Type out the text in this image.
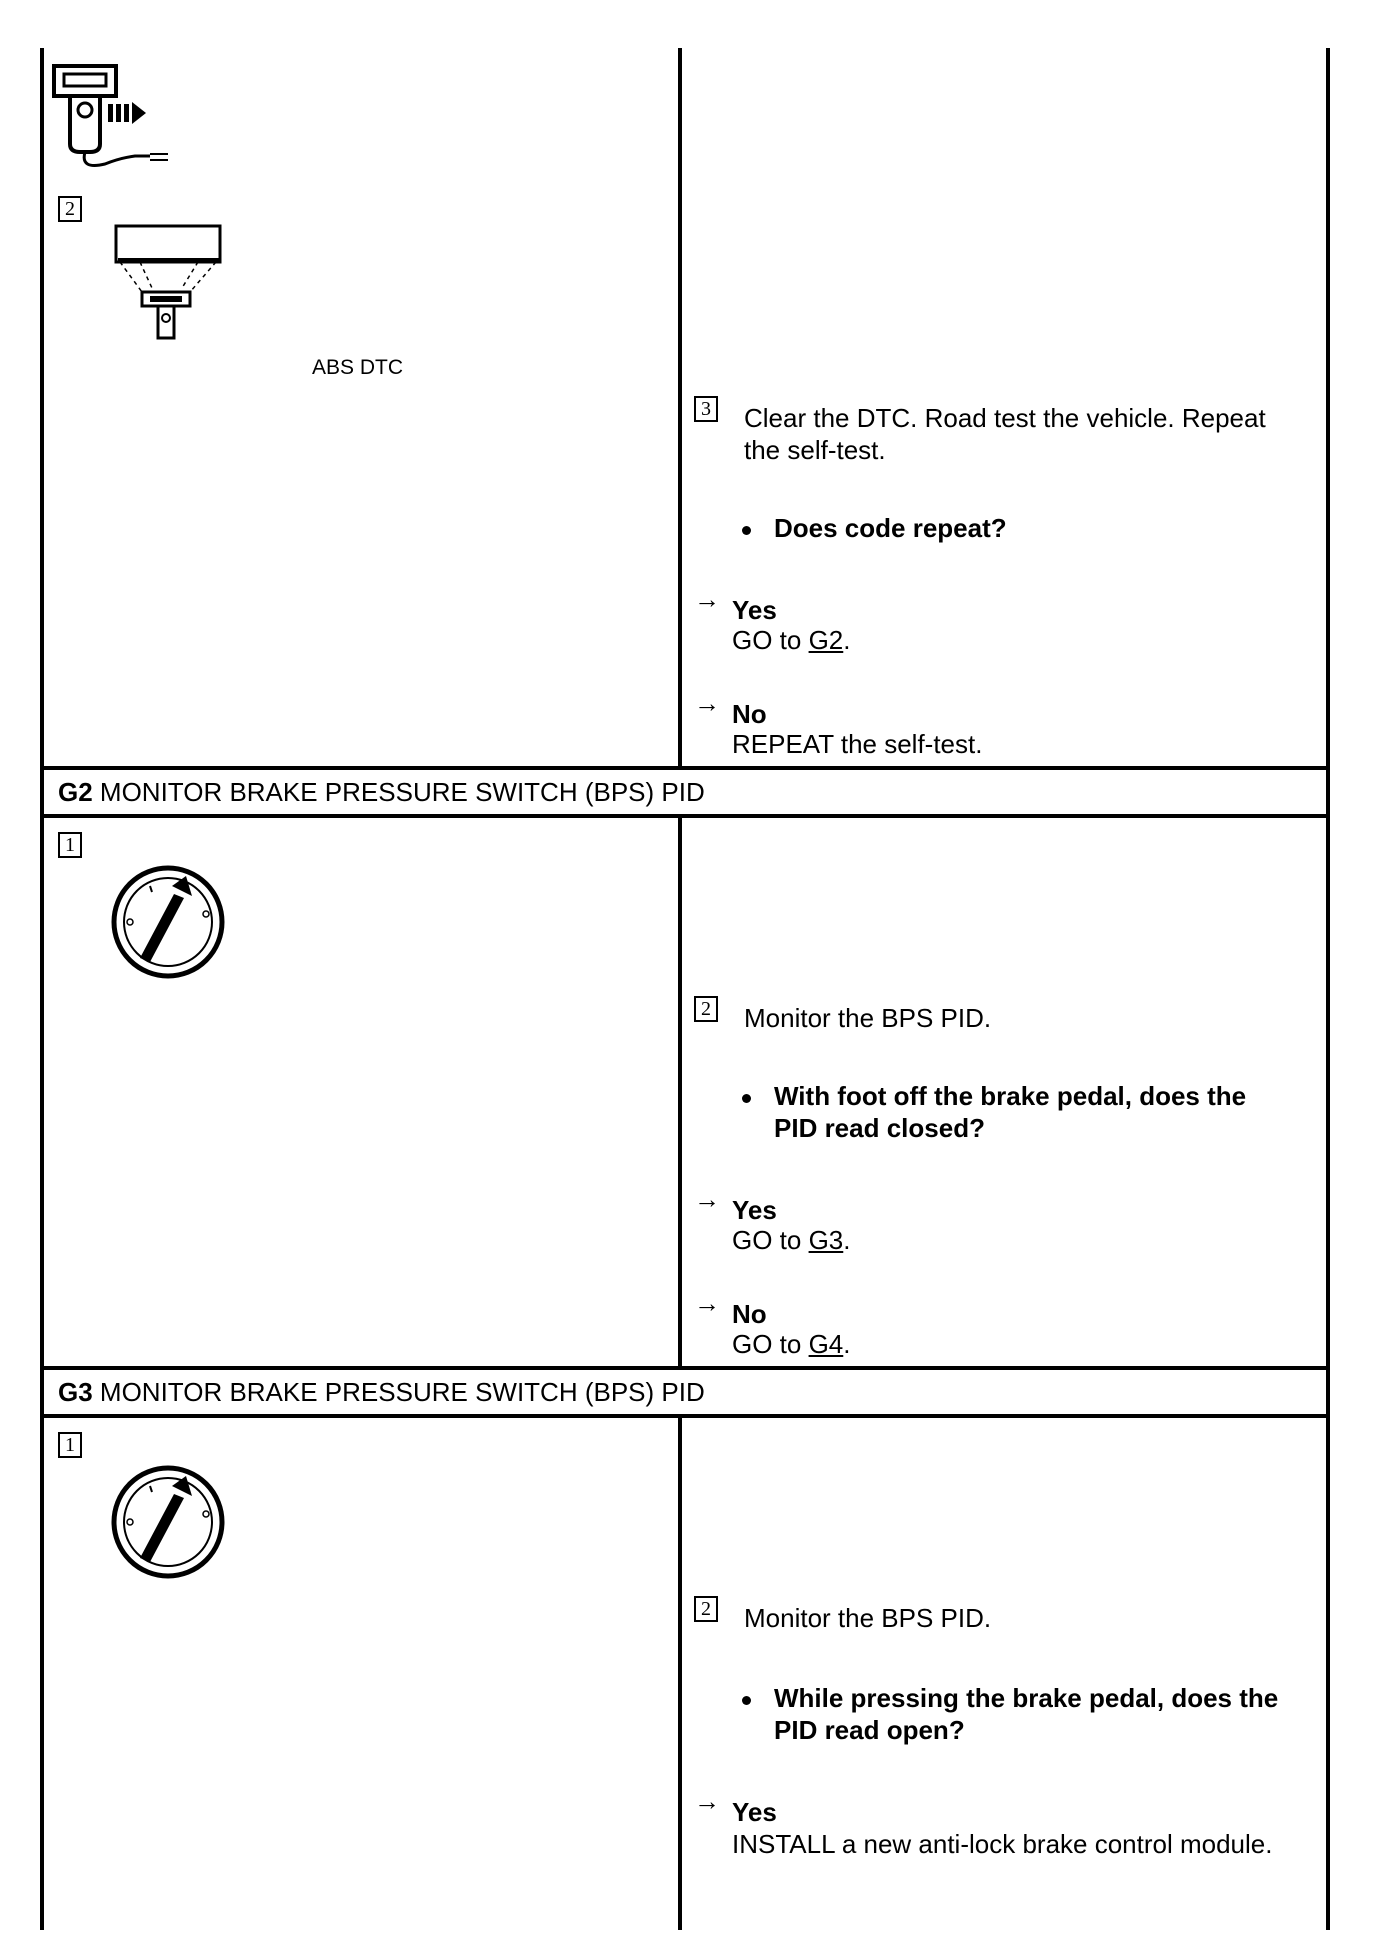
2
ABS DTC
3 Clear the DTC. Road test the vehicle. Repeat
the self-test.
Does code repeat?
→ Yes
GO to G2.
→ No
REPEAT the self-test.
G2 MONITOR BRAKE PRESSURE SWITCH (BPS) PID
1
2 Monitor the BPS PID.
With foot off the brake pedal, does the
PID read closed?
→ Yes
GO to G3.
→ No
GO to G4.
G3 MONITOR BRAKE PRESSURE SWITCH (BPS) PID
1
2 Monitor the BPS PID.
While pressing the brake pedal, does the
PID read open?
→ Yes
INSTALL a new anti-lock brake control module.
